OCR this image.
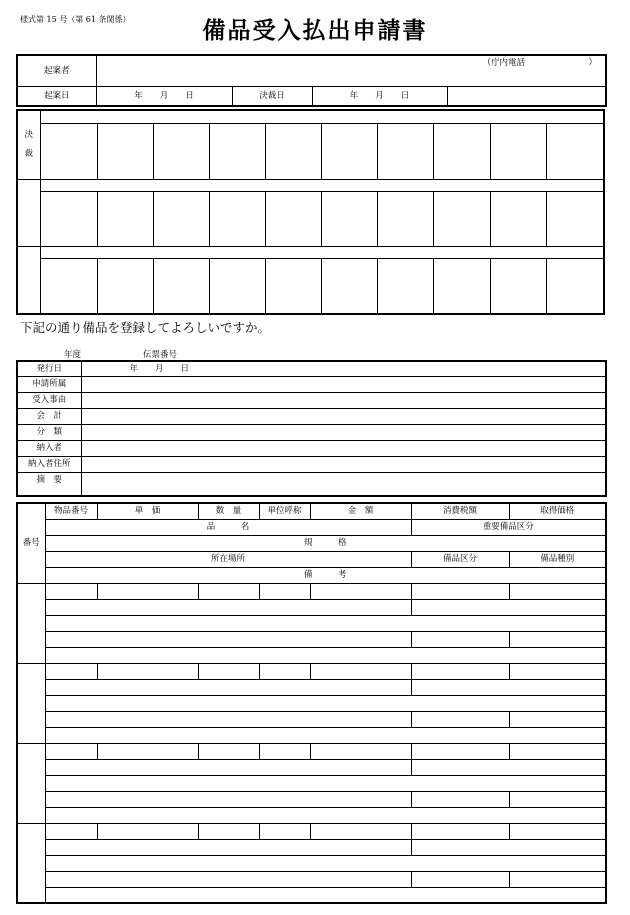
様式第 15 号（第 61 条関係）	備品受入払出申請書
起案者	（庁内電話 ）			

起案日	年　　月　　日	決裁日	年　　月　　日	
決
裁										

下記の通り備品を登録してよろしいですか。
年度	伝票番号
発行日	年　　月　　日
申請所属	
受入事由	
会　計	
分　類	
納入者	
納入者住所	
摘　要	
番号	物品番号	単　価	数　量	単位呼称	金　額	消費税額	取得価格
	品　　　名					重要備品区分	
	規　　　格						
	所在場所					備品区分	備品種別
	備　　　考						
